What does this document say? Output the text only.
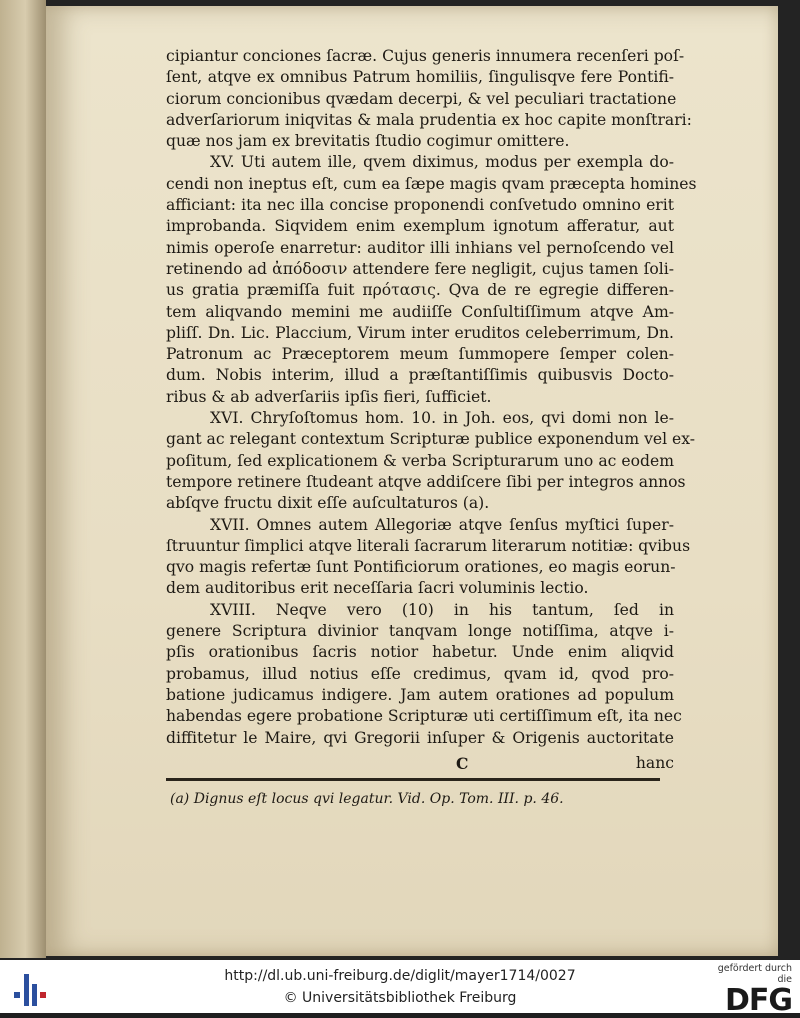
cipiantur conciones ſacræ. Cujus generis innumera recenſeri poſ-
ſent, atqve ex omnibus Patrum homiliis, ſingulisqve fere Pontifi-
ciorum concionibus qvædam decerpi, & vel peculiari tractatione
adverſariorum iniqvitas & mala prudentia ex hoc capite monſtrari:
quæ nos jam ex brevitatis ſtudio cogimur omittere.
XV. Uti autem ille, qvem diximus, modus per exempla do-
cendi non ineptus eſt, cum ea ſæpe magis qvam præcepta homines
afficiant: ita nec illa concise proponendi conſvetudo omnino erit
improbanda. Siqvidem enim exemplum ignotum afferatur, aut
nimis operoſe enarretur: auditor illi inhians vel pernoſcendo vel
retinendo ad ἀπόδοσιν attendere fere negligit, cujus tamen ſoli-
us gratia præmiſſa fuit πρότασις. Qva de re egregie differen-
tem aliqvando memini me audiiſſe Conſultiſſimum atqve Am-
pliſſ. Dn. Lic. Placcium, Virum inter eruditos celeberrimum, Dn.
Patronum ac Præceptorem meum ſummopere ſemper colen-
dum. Nobis interim, illud a præſtantiſſimis quibusvis Docto-
ribus & ab adverſariis ipſis fieri, ſufficiet.
XVI. Chryſoſtomus hom. 10. in Joh. eos, qvi domi non le-
gant ac relegant contextum Scripturæ publice exponendum vel ex-
poſitum, ſed explicationem & verba Scripturarum uno ac eodem
tempore retinere ſtudeant atqve addiſcere ſibi per integros annos
abſqve fructu dixit eſſe auſcultaturos (a).
XVII. Omnes autem Allegoriæ atqve ſenſus myſtici ſuper-
ſtruuntur ſimplici atqve literali ſacrarum literarum notitiæ: qvibus
qvo magis refertæ ſunt Pontificiorum orationes, eo magis eorun-
dem auditoribus erit neceſſaria ſacri voluminis lectio.
XVIII. Neqve vero (10) in his tantum, ſed in
genere Scriptura divinior tanqvam longe notiſſima, atqve i-
pſis orationibus ſacris notior habetur. Unde enim aliqvid
probamus, illud notius eſſe credimus, qvam id, qvod pro-
batione judicamus indigere. Jam autem orationes ad populum
habendas egere probatione Scripturæ uti certiſſimum eſt, ita nec
diffitetur le Maire, qvi Gregorii inſuper & Origenis auctoritate
C	hanc
(a) Dignus eſt locus qvi legatur. Vid. Op. Tom. III. p. 46.
http://dl.ub.uni-freiburg.de/diglit/mayer1714/0027
© Universitätsbibliothek Freiburg
gefördert durch die
DFG
